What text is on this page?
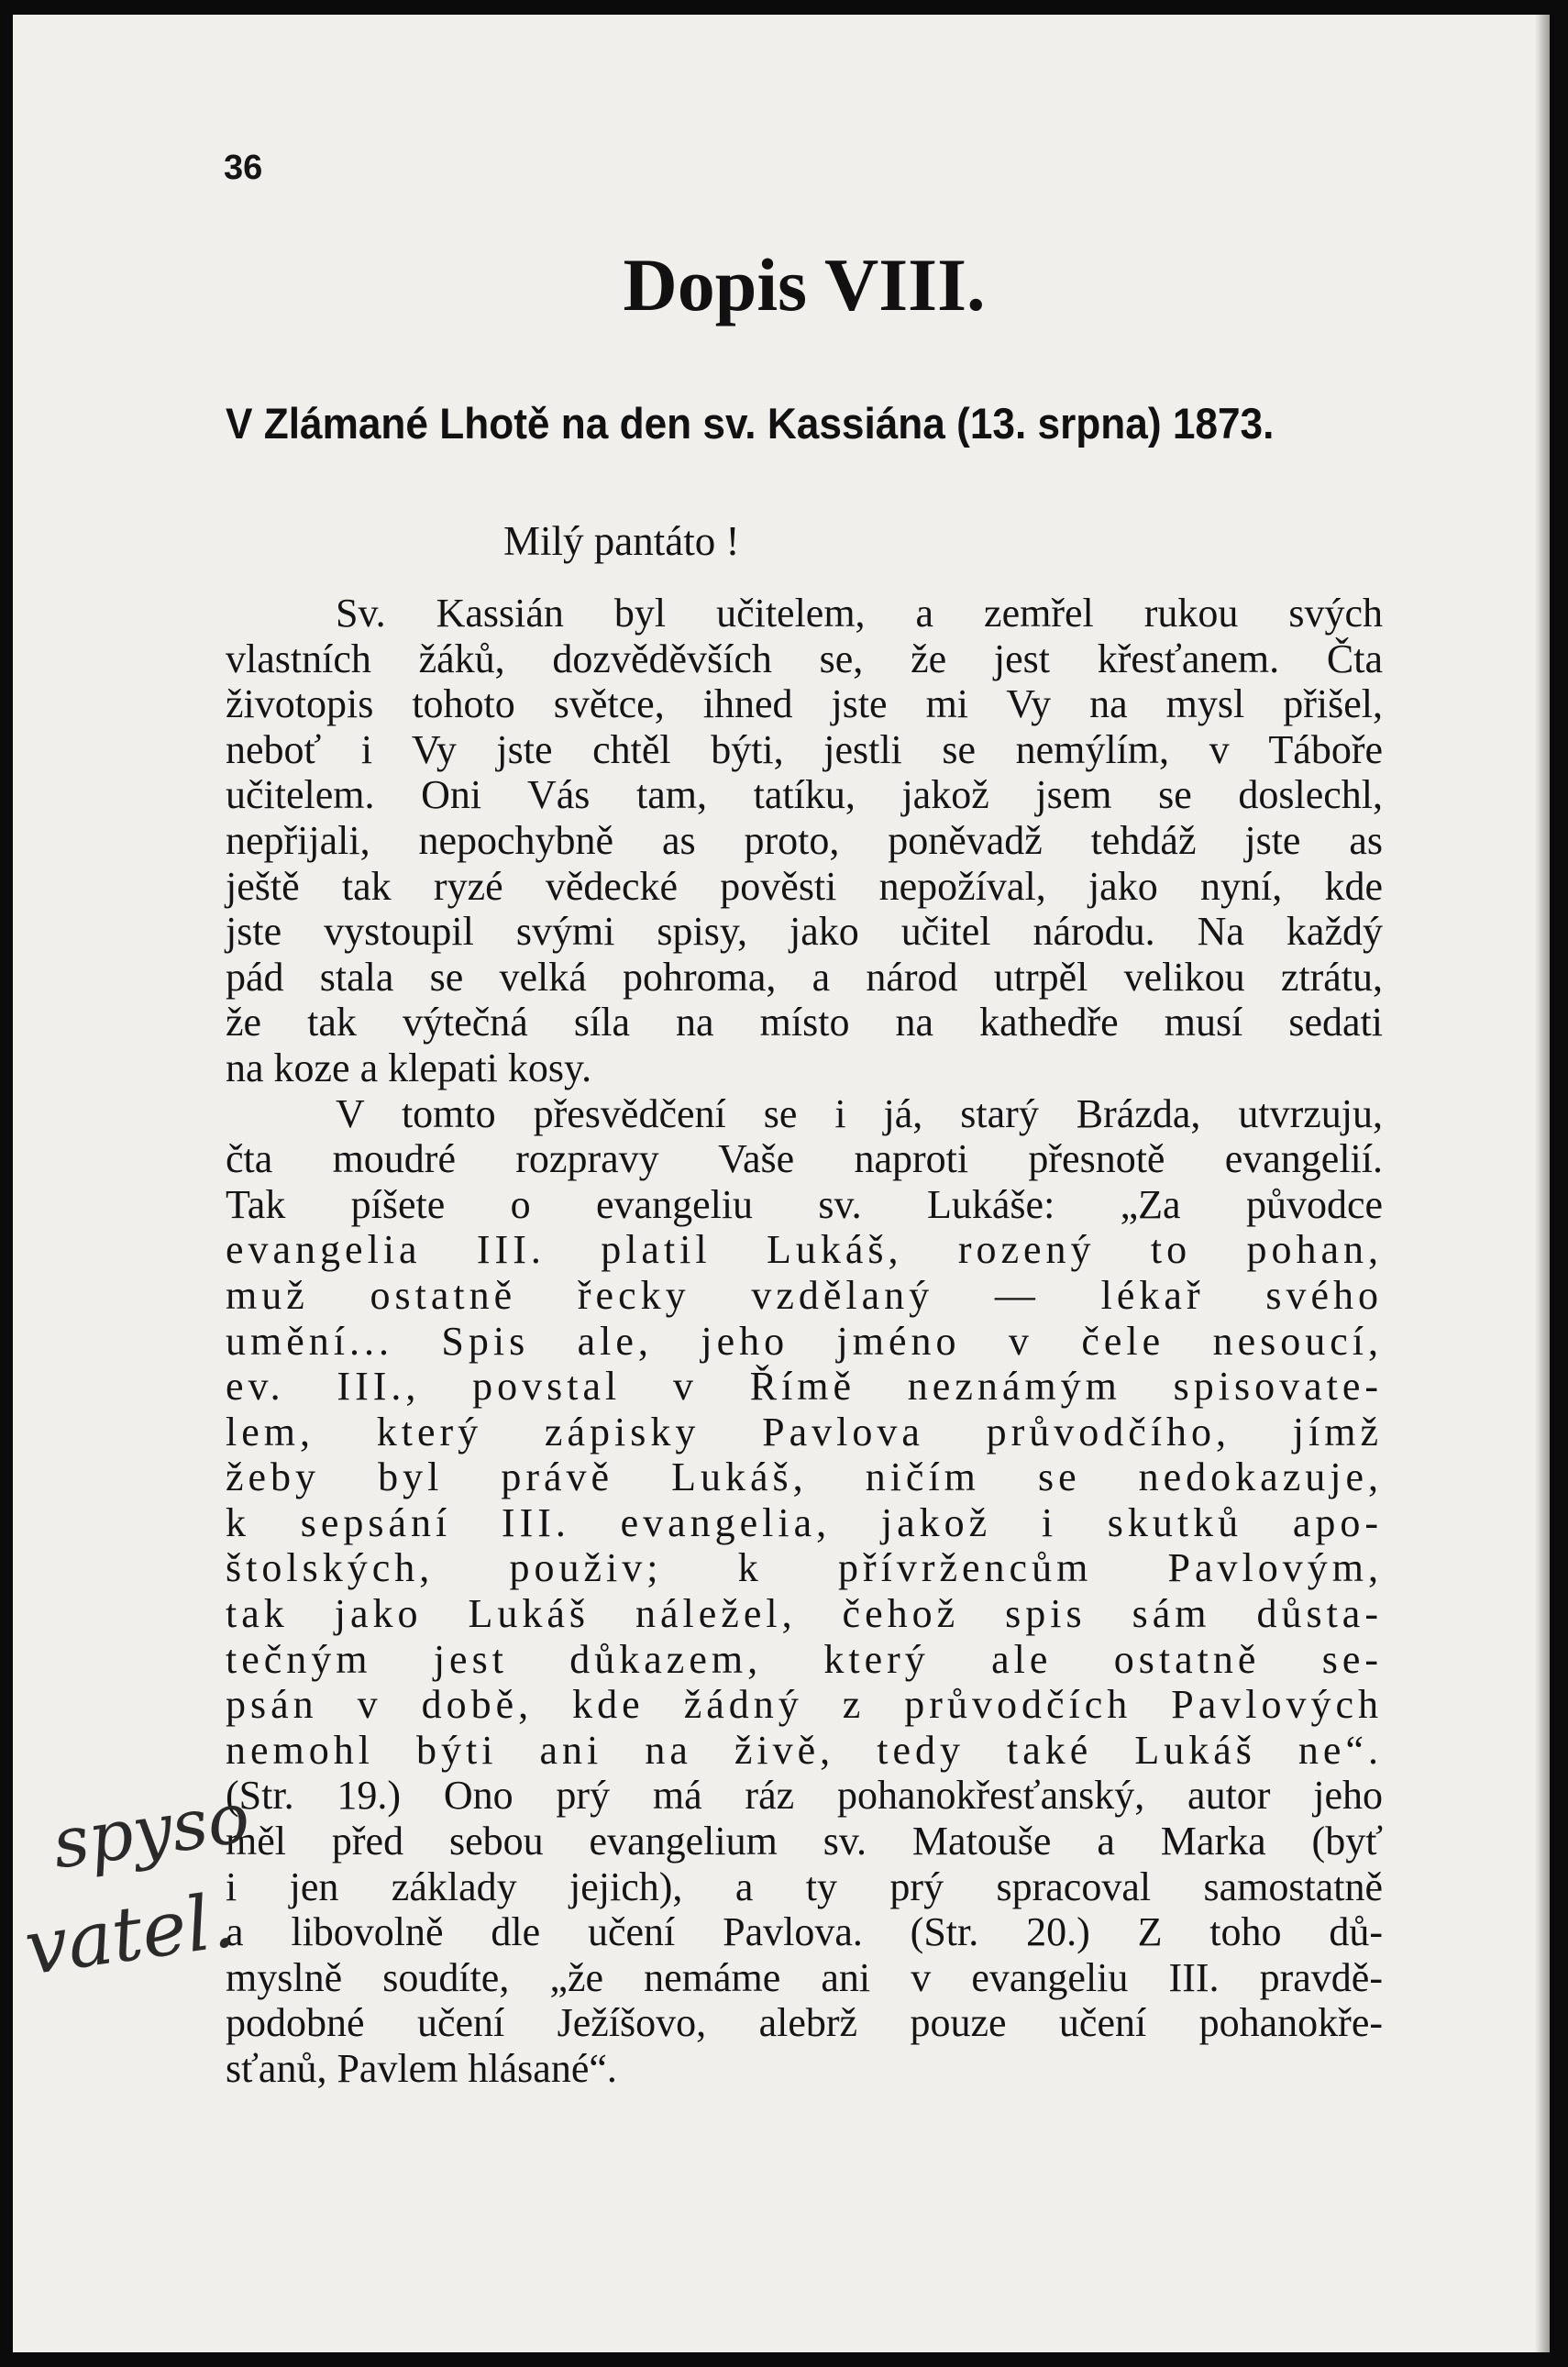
36
Dopis VIII.
V Zlámané Lhotě na den sv. Kassiána (13. srpna) 1873.
Milý pantáto !
Sv. Kassián byl učitelem, a zemřel rukou svých
vlastních žáků, dozvěděvších se, že jest křesťanem. Čta
životopis tohoto světce, ihned jste mi Vy na mysl přišel,
neboť i Vy jste chtěl býti, jestli se nemýlím, v Táboře
učitelem. Oni Vás tam, tatíku, jakož jsem se doslechl,
nepřijali, nepochybně as proto, poněvadž tehdáž jste as
ještě tak ryzé vědecké pověsti nepožíval, jako nyní, kde
jste vystoupil svými spisy, jako učitel národu. Na každý
pád stala se velká pohroma, a národ utrpěl velikou ztrátu,
že tak výtečná síla na místo na kathedře musí sedati
na koze a klepati kosy.
V tomto přesvědčení se i já, starý Brázda, utvrzuju,
čta moudré rozpravy Vaše naproti přesnotě evangelií.
Tak píšete o evangeliu sv. Lukáše: „Za původce
evangelia III. platil Lukáš, rozený to pohan,
muž ostatně řecky vzdělaný — lékař svého
umění... Spis ale, jeho jméno v čele nesoucí,
ev. III., povstal v Římě neznámým spisovate-
lem, který zápisky Pavlova průvodčího, jímž
žeby byl právě Lukáš, ničím se nedokazuje,
k sepsání III. evangelia, jakož i skutků apo-
štolských, použiv; k přívržencům Pavlovým,
tak jako Lukáš náležel, čehož spis sám důsta-
tečným jest důkazem, který ale ostatně se-
psán v době, kde žádný z průvodčích Pavlových
nemohl býti ani na živě, tedy také Lukáš ne“.
(Str. 19.) Ono prý má ráz pohanokřesťanský, autor jeho
měl před sebou evangelium sv. Matouše a Marka (byť
i jen základy jejich), a ty prý spracoval samostatně
a libovolně dle učení Pavlova. (Str. 20.) Z toho dů-
myslně soudíte, „že nemáme ani v evangeliu III. pravdě-
podobné učení Ježíšovo, alebrž pouze učení pohanokře-
sťanů, Pavlem hlásané“.
spyso
vatel.
